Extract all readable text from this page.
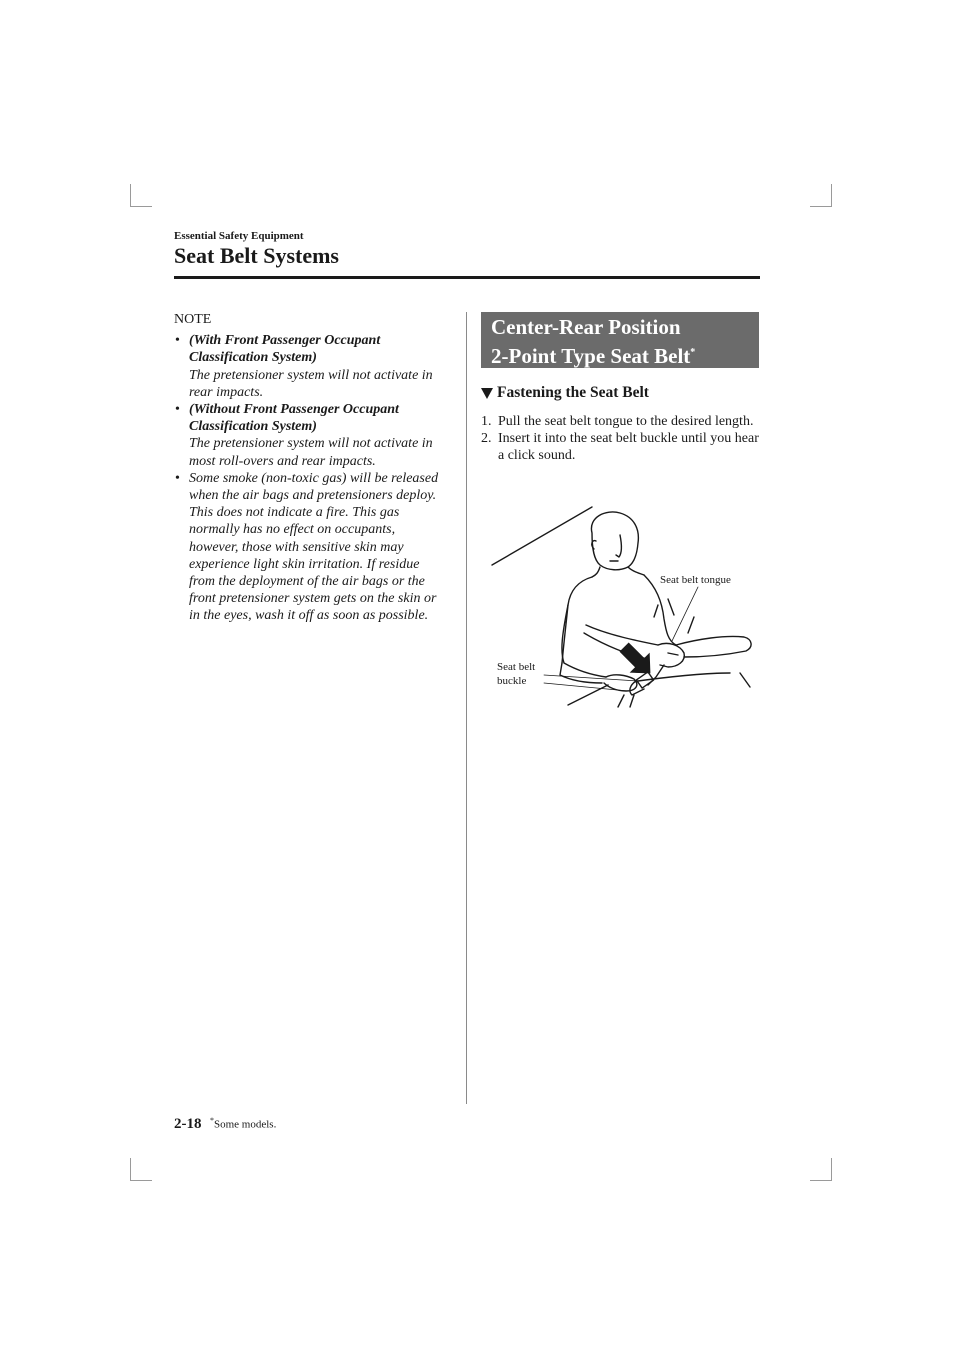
Essential Safety Equipment
Seat Belt Systems
NOTE
• (With Front Passenger Occupant Classification System)
The pretensioner system will not activate in rear impacts.
• (Without Front Passenger Occupant Classification System)
The pretensioner system will not activate in most roll-overs and rear impacts.
• Some smoke (non-toxic gas) will be released when the air bags and pretensioners deploy. This does not indicate a fire. This gas normally has no effect on occupants, however, those with sensitive skin may experience light skin irritation. If residue from the deployment of the air bags or the front pretensioner system gets on the skin or in the eyes, wash it off as soon as possible.
Center-Rear Position
2-Point Type Seat Belt*
Fastening the Seat Belt
1. Pull the seat belt tongue to the desired length.
2. Insert it into the seat belt buckle until you hear a click sound.
Seat belt tongue
Seat belt
buckle
2-18 *Some models.
